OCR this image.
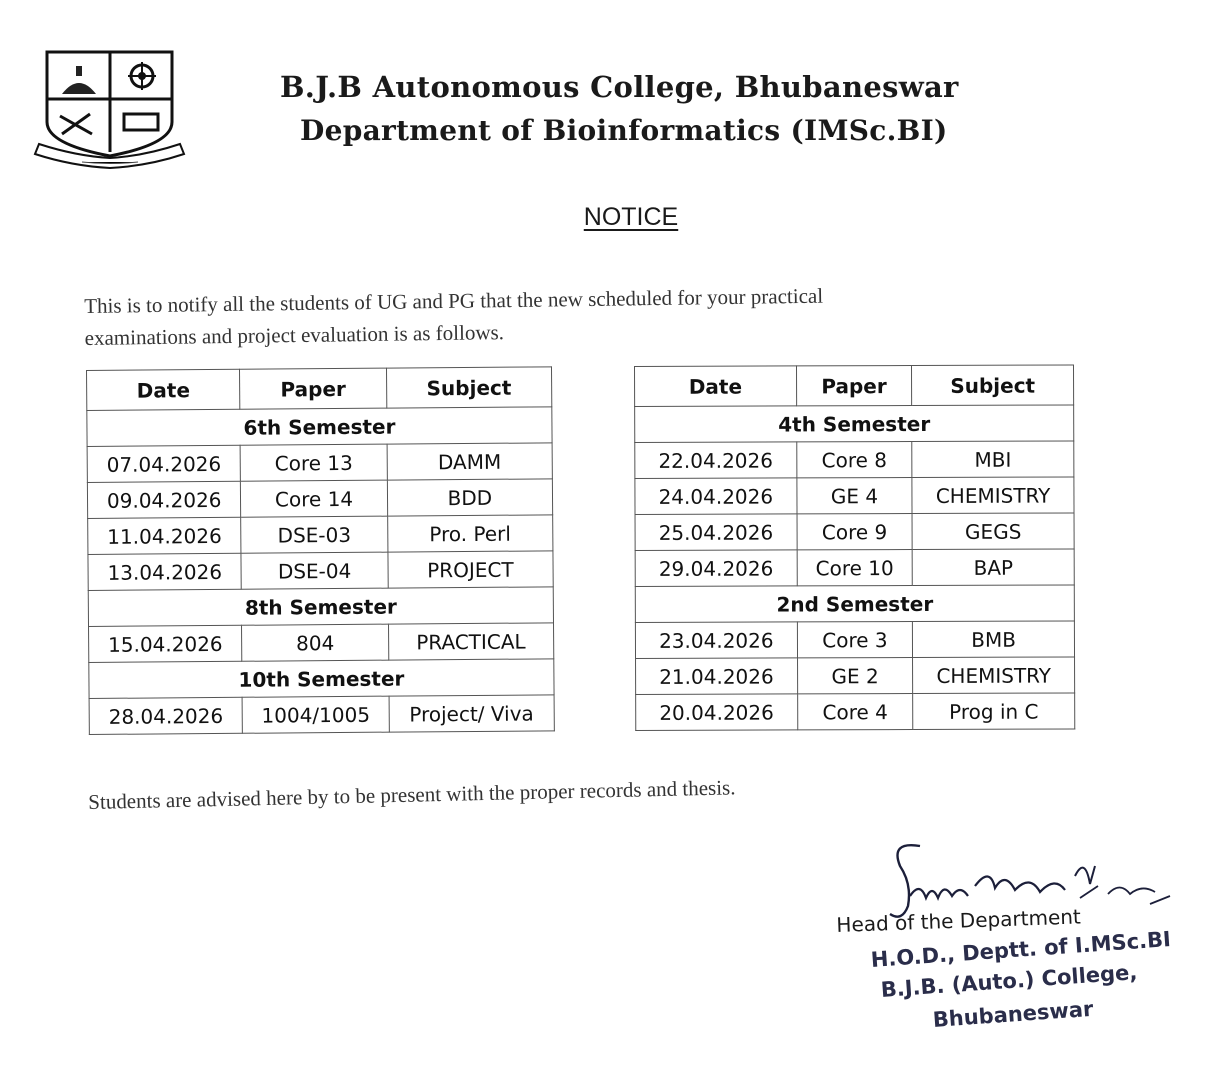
B.J.B Autonomous College, Bhubaneswar
Department of Bioinformatics (IMSc.BI)
NOTICE
This is to notify all the students of UG and PG that the new scheduled for your practical
examinations and project evaluation is as follows.
Date	Paper	Subject
6th Semester		
07.04.2026	Core 13	DAMM
09.04.2026	Core 14	BDD
11.04.2026	DSE-03	Pro. Perl
13.04.2026	DSE-04	PROJECT
8th Semester		
15.04.2026	804	PRACTICAL
10th Semester		
28.04.2026	1004/1005	Project/ Viva
Date	Paper	Subject
4th Semester		
22.04.2026	Core 8	MBI
24.04.2026	GE 4	CHEMISTRY
25.04.2026	Core 9	GEGS
29.04.2026	Core 10	BAP
2nd Semester		
23.04.2026	Core 3	BMB
21.04.2026	GE 2	CHEMISTRY
20.04.2026	Core 4	Prog in C
Students are advised here by to be present with the proper records and thesis.
Head of the Department
H.O.D., Deptt. of I.MSc.BI
B.J.B. (Auto.) College,
Bhubaneswar
